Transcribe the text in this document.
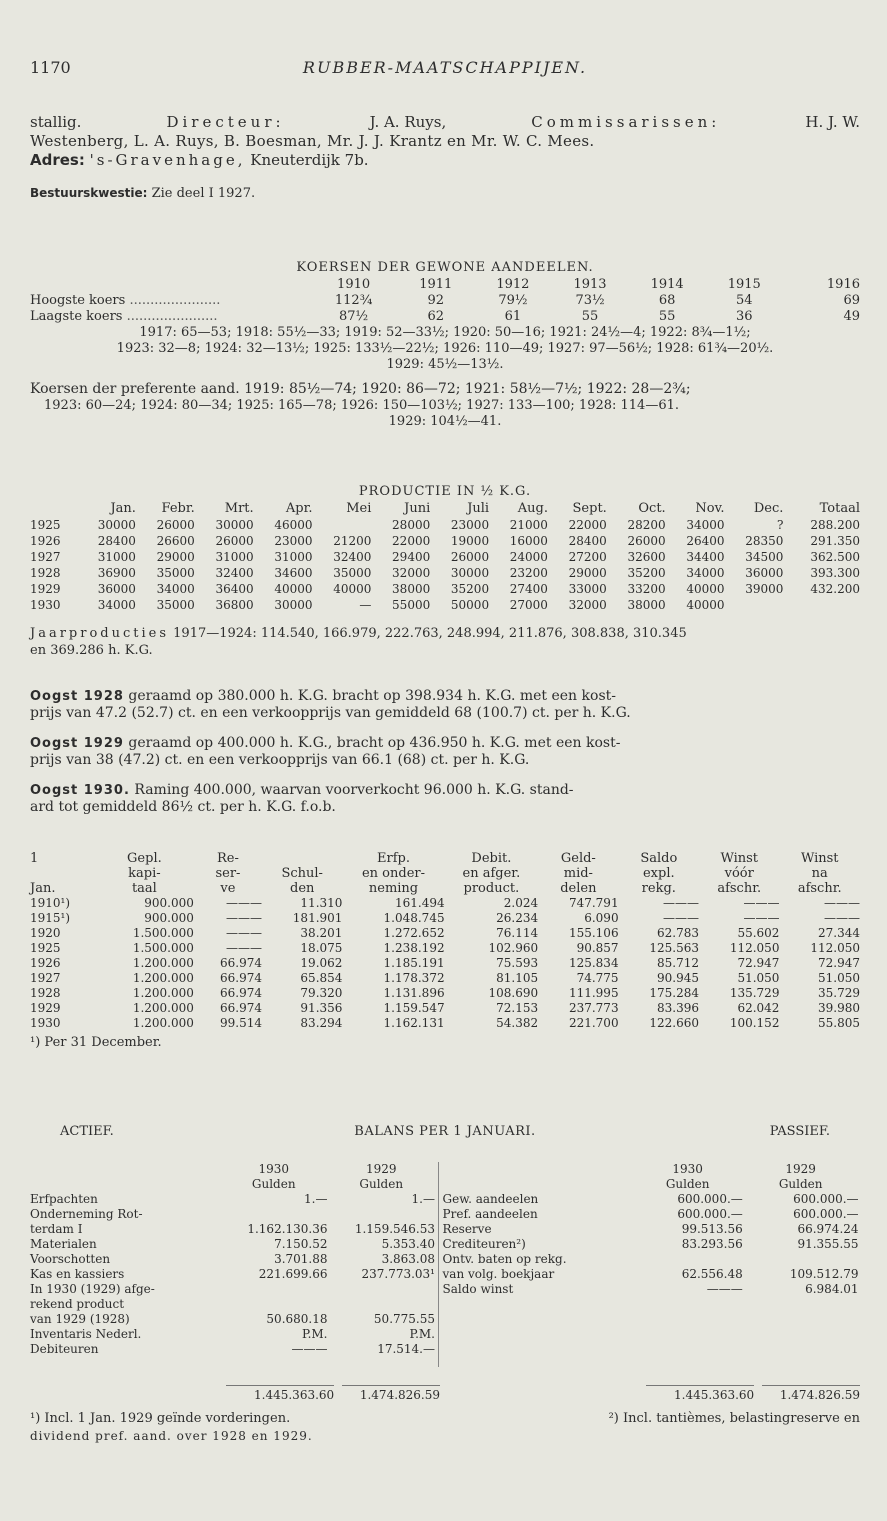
1170	RUBBER-MAATSCHAPPIJEN.
stallig.	Directeur:	J. A. Ruys,	Commissarissen:	H. J. W.
Westenberg, L. A. Ruys, B. Boesman, Mr. J. J. Krantz en Mr. W. C. Mees.
Adres: 's-Gravenhage, Kneuterdijk 7b.
Bestuurskwestie: Zie deel I 1927.
KOERSEN DER GEWONE AANDEELEN.
	1910	1911	1912	1913	1914	1915	1916
Hoogste koers ......................	112¾	92	79½	73½	68	54	69
Laagste koers ......................	87½	62	61	55	55	36	49
1917: 65—53; 1918: 55½—33; 1919: 52—33½; 1920: 50—16; 1921: 24½—4; 1922: 8¾—1½;
1923: 32—8; 1924: 32—13½; 1925: 133½—22½; 1926: 110—49; 1927: 97—56½; 1928: 61¾—20½.
1929: 45½—13½.
Koersen der preferente aand. 1919: 85½—74; 1920: 86—72; 1921: 58½—7½; 1922: 28—2¾;
1923: 60—24; 1924: 80—34; 1925: 165—78; 1926: 150—103½; 1927: 133—100; 1928: 114—61.
1929: 104½—41.
PRODUCTIE IN ½ K.G.
	Jan.	Febr.	Mrt.	Apr.	Mei	Juni	Juli	Aug.	Sept.	Oct.	Nov.	Dec.	Totaal
1925	30000	26000	30000	46000		28000	23000	21000	22000	28200	34000	?	288.200
1926	28400	26600	26000	23000	21200	22000	19000	16000	28400	26000	26400	28350	291.350
1927	31000	29000	31000	31000	32400	29400	26000	24000	27200	32600	34400	34500	362.500
1928	36900	35000	32400	34600	35000	32000	30000	23200	29000	35200	34000	36000	393.300
1929	36000	34000	36400	40000	40000	38000	35200	27400	33000	33200	40000	39000	432.200
1930	34000	35000	36800	30000	—	55000	50000	27000	32000	38000	40000		
Jaarproducties 1917—1924: 114.540, 166.979, 222.763, 248.994, 211.876, 308.838, 310.345
en 369.286 h. K.G.
Oogst 1928 geraamd op 380.000 h. K.G. bracht op 398.934 h. K.G. met een kost-
prijs van 47.2 (52.7) ct. en een verkoopprijs van gemiddeld 68 (100.7) ct. per h. K.G.
Oogst 1929 geraamd op 400.000 h. K.G., bracht op 436.950 h. K.G. met een kost-
prijs van 38 (47.2) ct. en een verkoopprijs van 66.1 (68) ct. per h. K.G.
Oogst 1930. Raming 400.000, waarvan voorverkocht 96.000 h. K.G. stand-
ard tot gemiddeld 86½ ct. per h. K.G. f.o.b.
1	Gepl.	Re-		Erfp.	Debit.	Geld-	Saldo	Winst	Winst
	kapi-	ser-	Schul-	en onder-	en afger.	mid-	expl.	vóór	na
Jan.	taal	ve	den	neming	product.	delen	rekg.	afschr.	afschr.
1910¹)	900.000	———	11.310	161.494	2.024	747.791	———	———	———
1915¹)	900.000	———	181.901	1.048.745	26.234	6.090	———	———	———
1920	1.500.000	———	38.201	1.272.652	76.114	155.106	62.783	55.602	27.344
1925	1.500.000	———	18.075	1.238.192	102.960	90.857	125.563	112.050	112.050
1926	1.200.000	66.974	19.062	1.185.191	75.593	125.834	85.712	72.947	72.947
1927	1.200.000	66.974	65.854	1.178.372	81.105	74.775	90.945	51.050	51.050
1928	1.200.000	66.974	79.320	1.131.896	108.690	111.995	175.284	135.729	35.729
1929	1.200.000	66.974	91.356	1.159.547	72.153	237.773	83.396	62.042	39.980
1930	1.200.000	99.514	83.294	1.162.131	54.382	221.700	122.660	100.152	55.805
¹) Per 31 December.
ACTIEF.	BALANS PER 1 JANUARI.	PASSIEF.
	1930	1929
	Gulden	Gulden
Erfpachten	1.—	1.—
Onderneming Rot-		
terdam I	1.162.130.36	1.159.546.53
Materialen	7.150.52	5.353.40
Voorschotten	3.701.88	3.863.08
Kas en kassiers	221.699.66	237.773.03¹
In 1930 (1929) afge-		
rekend product		
van 1929 (1928)	50.680.18	50.775.55
Inventaris Nederl.	P.M.	P.M.
Debiteuren	———	17.514.—
	1930	1929
	Gulden	Gulden
Gew. aandeelen	600.000.—	600.000.—
Pref. aandeelen	600.000.—	600.000.—
Reserve	99.513.56	66.974.24
Crediteuren²)	83.293.56	91.355.55
Ontv. baten op rekg.		
van volg. boekjaar	62.556.48	109.512.79
Saldo winst	———	6.984.01
1.445.363.60 1.474.826.59	1.445.363.60 1.474.826.59
¹) Incl. 1 Jan. 1929 geïnde vorderingen.	²) Incl. tantièmes, belastingreserve en
dividend pref. aand. over 1928 en 1929.
